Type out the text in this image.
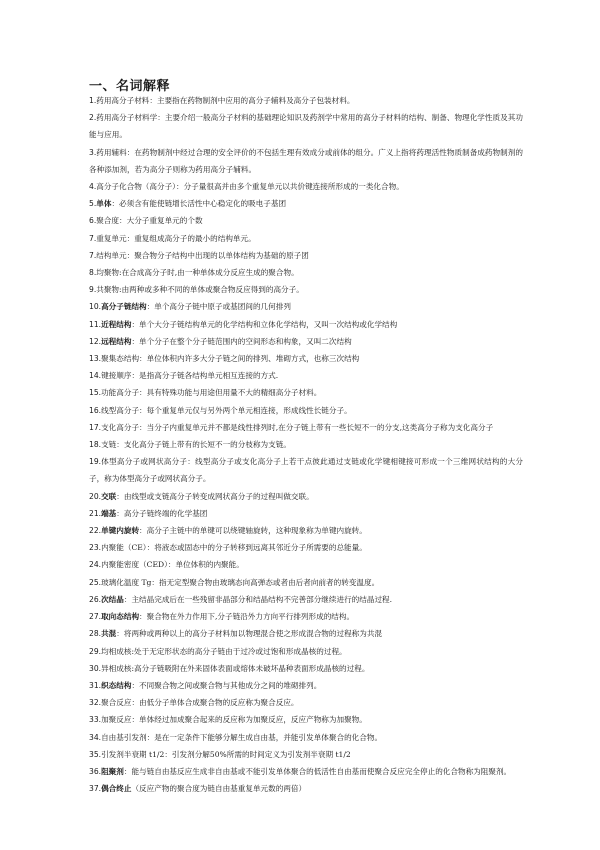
一、名词解释

1.药用高分子材料：主要指在药物制剂中应用的高分子辅料及高分子包装材料。

2.药用高分子材料学：主要介绍一般高分子材料的基础理论知识及药剂学中常用的高分子材料的结构、制备、物理化学性质及其功能与应用。

3.药用辅料：在药物制剂中经过合理的安全评价的不包括生理有效成分或前体的组分。广义上指将药理活性物质制备成药物制剂的各种添加剂，若为高分子则称为药用高分子辅料。

4.高分子化合物（高分子）：分子量很高并由多个重复单元以共价键连接所形成的一类化合物。

5.单体：必须含有能使链增长活性中心稳定化的吸电子基团

6.聚合度：大分子重复单元的个数

7.重复单元：重复组成高分子的最小的结构单元。

7.结构单元：聚合物分子结构中出现的以单体结构为基础的原子团

8.均聚物:在合成高分子时,由一种单体成分反应生成的聚合物。

9.共聚物:由两种或多种不同的单体或聚合物反应得到的高分子。

10.高分子链结构：单个高分子链中原子或基团间的几何排列

11.近程结构：单个大分子链结构单元的化学结构和立体化学结构，又叫一次结构或化学结构

12.远程结构：单个分子在整个分子链范围内的空间形态和构象，又叫二次结构

13.聚集态结构：单位体积内许多大分子链之间的排列、堆砌方式，也称三次结构

14.键接顺序：是指高分子链各结构单元相互连接的方式.

15.功能高分子：具有特殊功能与用途但用量不大的精细高分子材料。

16.线型高分子：每个重复单元仅与另外两个单元相连接，形成线性长链分子。

17.支化高分子：当分子内重复单元并不都是线性排列时,在分子链上带有一些长短不一的分支,这类高分子称为支化高分子

18.支链：支化高分子链上带有的长短不一的分枝称为支链。

19.体型高分子或网状高分子：线型高分子或支化高分子上若干点彼此通过支链或化学键相键接可形成一个三维网状结构的大分子，称为体型高分子或网状高分子。

20.交联：由线型或支链高分子转变成网状高分子的过程叫做交联。

21.端基：高分子链终端的化学基团

22.单键内旋转：高分子主链中的单键可以绕键轴旋转，这种现象称为单键内旋转。

23.内聚能（CE）：将液态或固态中的分子转移到远离其邻近分子所需要的总能量。

24.内聚能密度（CED）：单位体积的内聚能。

25.玻璃化温度 Tg：指无定型聚合物由玻璃态向高弹态或者由后者向前者的转变温度。

26.次结晶：主结晶完成后在一些残留非晶部分和结晶结构不完善部分继续进行的结晶过程.

27.取向态结构：聚合物在外力作用下,分子链沿外力方向平行排列形成的结构。

28.共混：将两种或两种以上的高分子材料加以物理混合使之形成混合物的过程称为共混

29.均相成核:处于无定形状态的高分子链由于过冷或过饱和形成晶核的过程。

30.异相成核:高分子链吸附在外来固体表面或熔体未破坏晶种表面形成晶核的过程。

31.织态结构：不同聚合物之间或聚合物与其他成分之间的堆砌排列。

32.聚合反应：由低分子单体合成聚合物的反应称为聚合反应。

33.加聚反应：单体经过加成聚合起来的反应称为加聚反应，反应产物称为加聚物。

34.自由基引发剂：是在一定条件下能够分解生成自由基，并能引发单体聚合的化合物。

35.引发剂半衰期 t1/2：引发剂分解50%所需的时间定义为引发剂半衰期 t1/2

36.阻聚剂：能与链自由基反应生成非自由基或不能引发单体聚合的低活性自由基而使聚合反应完全停止的化合物称为阻聚剂。

37.偶合终止（反应产物的聚合度为链自由基重复单元数的两倍）
